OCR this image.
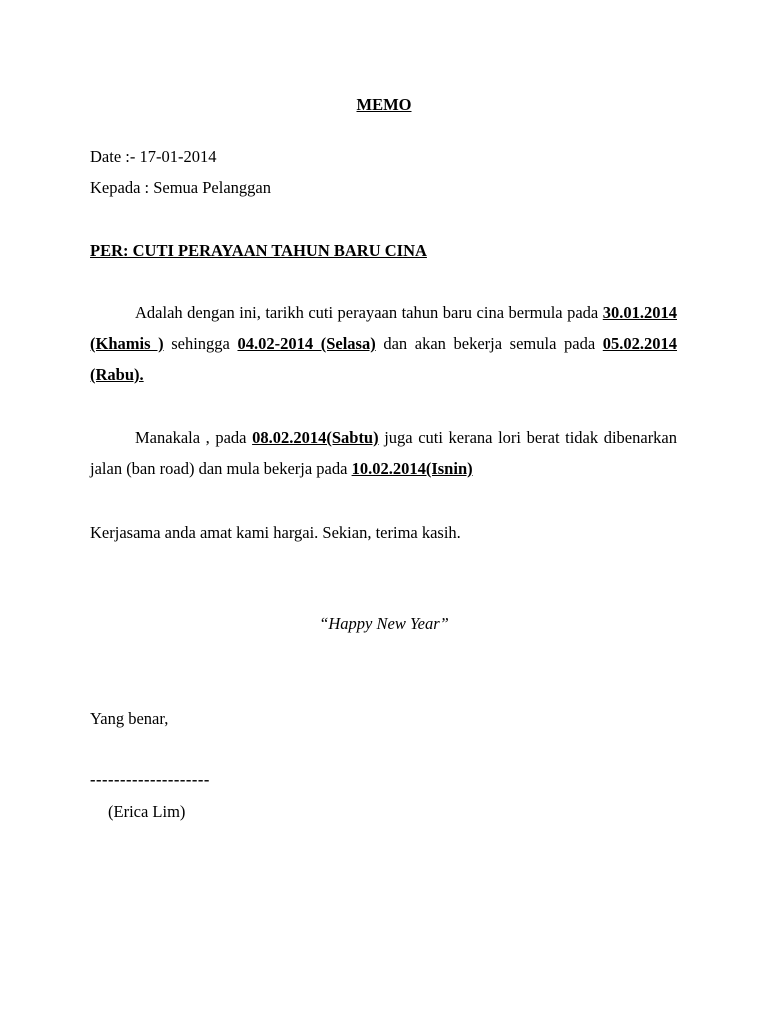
MEMO
Date :- 17-01-2014
Kepada : Semua Pelanggan
PER: CUTI PERAYAAN TAHUN BARU CINA
Adalah dengan ini, tarikh cuti perayaan tahun baru cina bermula pada 30.01.2014 (Khamis ) sehingga 04.02-2014 (Selasa) dan akan bekerja semula pada 05.02.2014 (Rabu).
Manakala , pada 08.02.2014(Sabtu) juga cuti kerana lori berat tidak dibenarkan jalan (ban road) dan mula bekerja pada 10.02.2014(Isnin)
Kerjasama anda amat kami hargai. Sekian, terima kasih.
“Happy New Year”
Yang benar,
--------------------
(Erica Lim)
